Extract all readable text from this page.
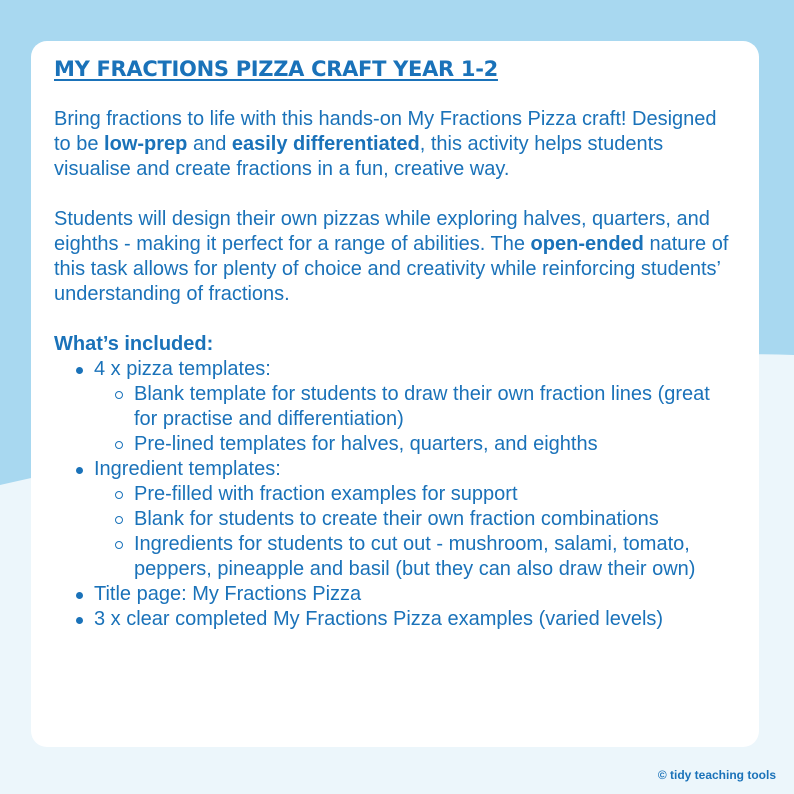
MY FRACTIONS PIZZA CRAFT YEAR 1-2

Bring fractions to life with this hands-on My Fractions Pizza craft! Designed to be low-prep and easily differentiated, this activity helps students visualise and create fractions in a fun, creative way.

Students will design their own pizzas while exploring halves, quarters, and eighths - making it perfect for a range of abilities. The open-ended nature of this task allows for plenty of choice and creativity while reinforcing students’ understanding of fractions.

What’s included:
4 x pizza templates:
Blank template for students to draw their own fraction lines (great for practise and differentiation)
Pre-lined templates for halves, quarters, and eighths
Ingredient templates:
Pre-filled with fraction examples for support
Blank for students to create their own fraction combinations
Ingredients for students to cut out - mushroom, salami, tomato, peppers, pineapple and basil (but they can also draw their own)
Title page: My Fractions Pizza
3 x clear completed My Fractions Pizza examples (varied levels)
© tidy teaching tools
